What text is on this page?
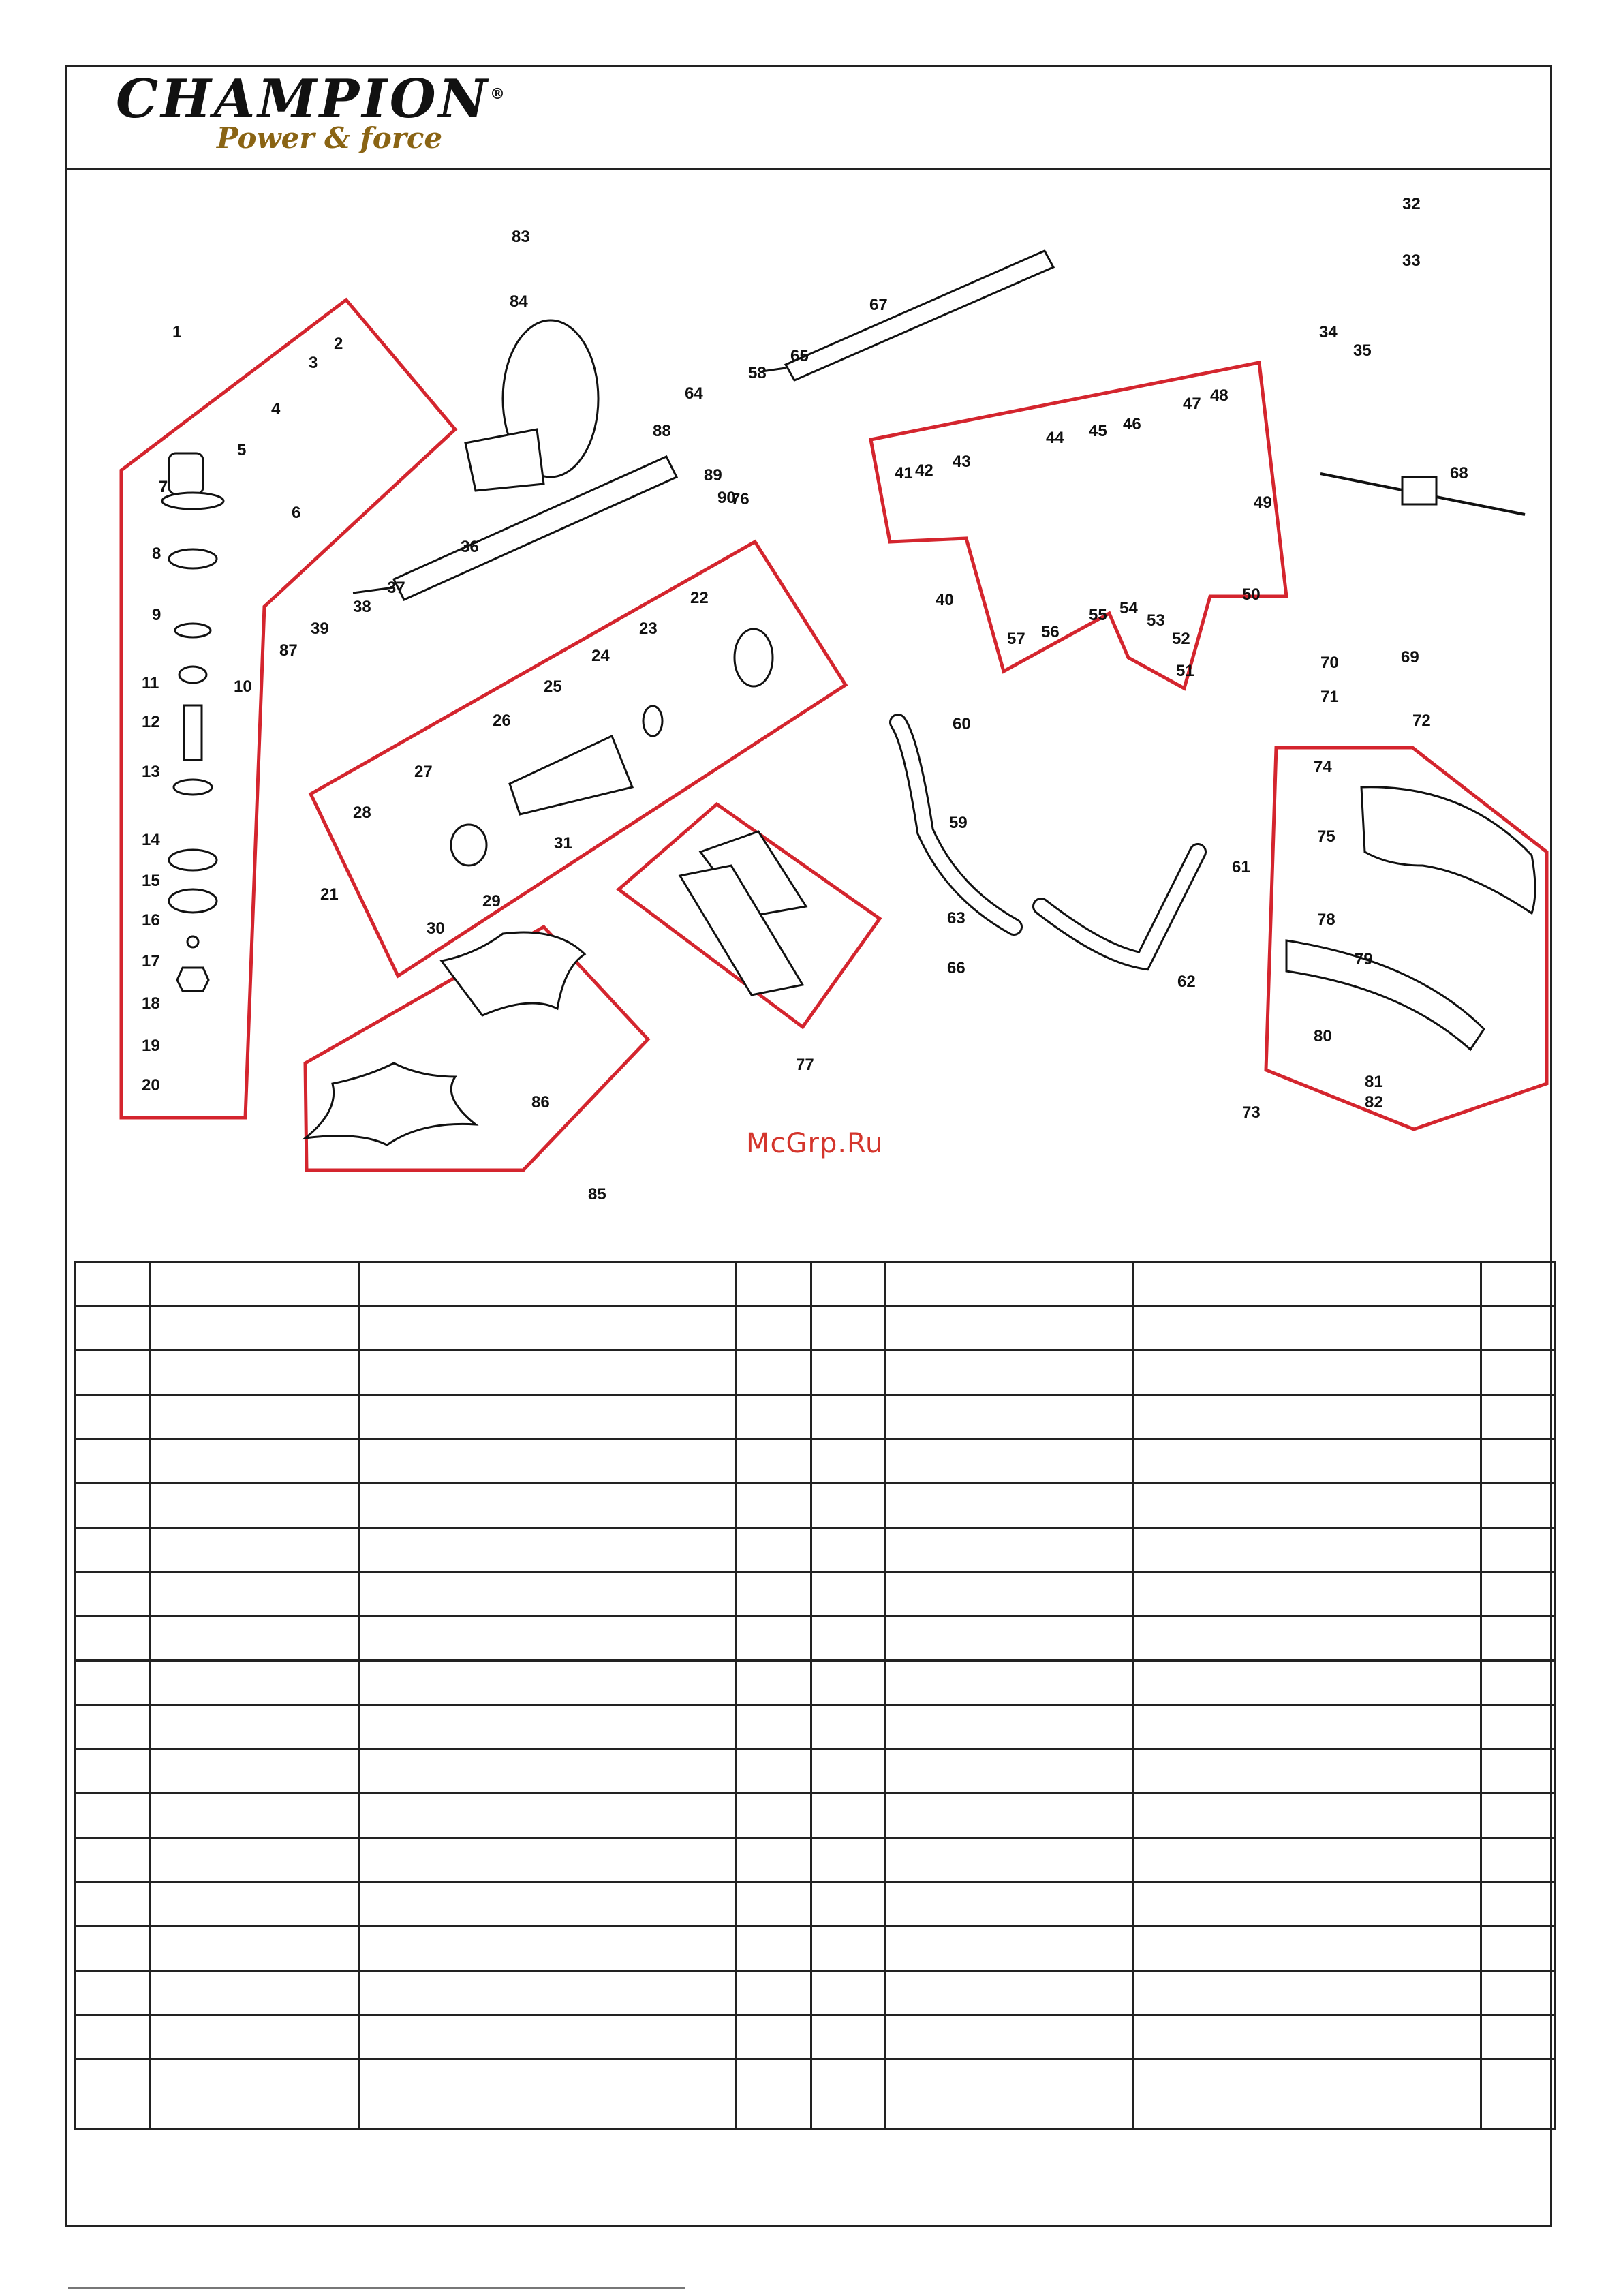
CHAMPION®
Power & force
1
2
3
4
5
6
7
8
9
10
11
12
13
14
15
16
17
18
19
20
21
22
23
24
25
26
27
28
29
30
31
32
33
34
35
36
37
38
39
40
41 42 43
44 45 46
47 48
49
50
51
52
53
54
55
56
57
58
59
60
61
62
63
64
65
66
67
68
69
70
71
72
73
74
75
76
77
78
79
80
81
82
83
84
85
86
87
88
89
90
McGrp.Ru
